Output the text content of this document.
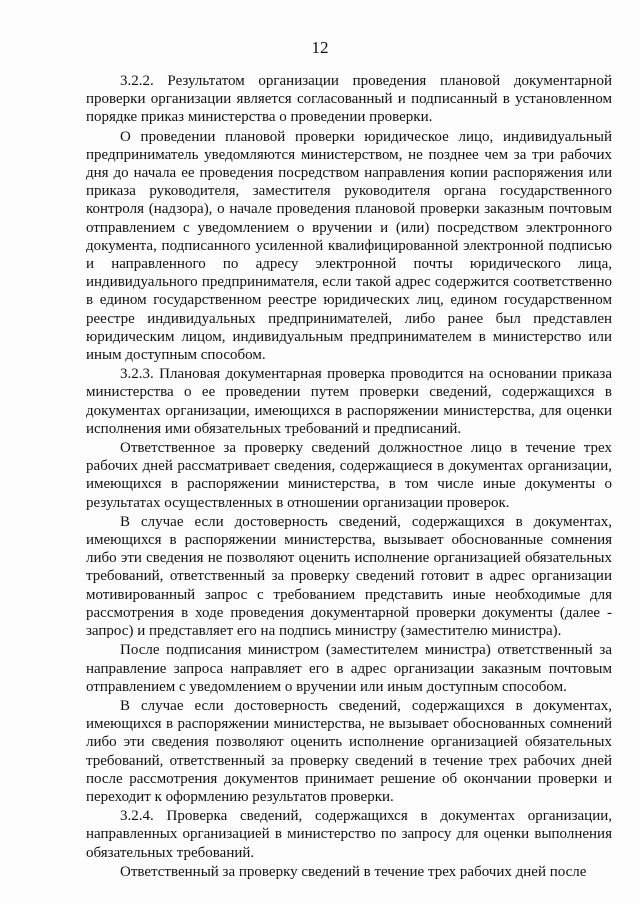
12

3.2.2. Результатом организации проведения плановой документарной проверки организации является согласованный и подписанный в установленном порядке приказ министерства о проведении проверки.

О проведении плановой проверки юридическое лицо, индивидуальный предприниматель уведомляются министерством, не позднее чем за три рабочих дня до начала ее проведения посредством направления копии распоряжения или приказа руководителя, заместителя руководителя органа государственного контроля (надзора), о начале проведения плановой проверки заказным почтовым отправлением с уведомлением о вручении и (или) посредством электронного документа, подписанного усиленной квалифицированной электронной подписью и направленного по адресу электронной почты юридического лица, индивидуального предпринимателя, если такой адрес содержится соответственно в едином государственном реестре юридических лиц, едином государственном реестре индивидуальных предпринимателей, либо ранее был представлен юридическим лицом, индивидуальным предпринимателем в министерство или иным доступным способом.

3.2.3. Плановая документарная проверка проводится на основании приказа министерства о ее проведении путем проверки сведений, содержащихся в документах организации, имеющихся в распоряжении министерства, для оценки исполнения ими обязательных требований и предписаний.

Ответственное за проверку сведений должностное лицо в течение трех рабочих дней рассматривает сведения, содержащиеся в документах организации, имеющихся в распоряжении министерства, в том числе иные документы о результатах осуществленных в отношении организации проверок.

В случае если достоверность сведений, содержащихся в документах, имеющихся в распоряжении министерства, вызывает обоснованные сомнения либо эти сведения не позволяют оценить исполнение организацией обязательных требований, ответственный за проверку сведений готовит в адрес организации мотивированный запрос с требованием представить иные необходимые для рассмотрения в ходе проведения документарной проверки документы (далее - запрос) и представляет его на подпись министру (заместителю министра).

После подписания министром (заместителем министра) ответственный за направление запроса направляет его в адрес организации заказным почтовым отправлением с уведомлением о вручении или иным доступным способом.

В случае если достоверность сведений, содержащихся в документах, имеющихся в распоряжении министерства, не вызывает обоснованных сомнений либо эти сведения позволяют оценить исполнение организацией обязательных требований, ответственный за проверку сведений в течение трех рабочих дней после рассмотрения документов принимает решение об окончании проверки и переходит к оформлению результатов проверки.

3.2.4. Проверка сведений, содержащихся в документах организации, направленных организацией в министерство по запросу для оценки выполнения обязательных требований.

Ответственный за проверку сведений в течение трех рабочих дней после
